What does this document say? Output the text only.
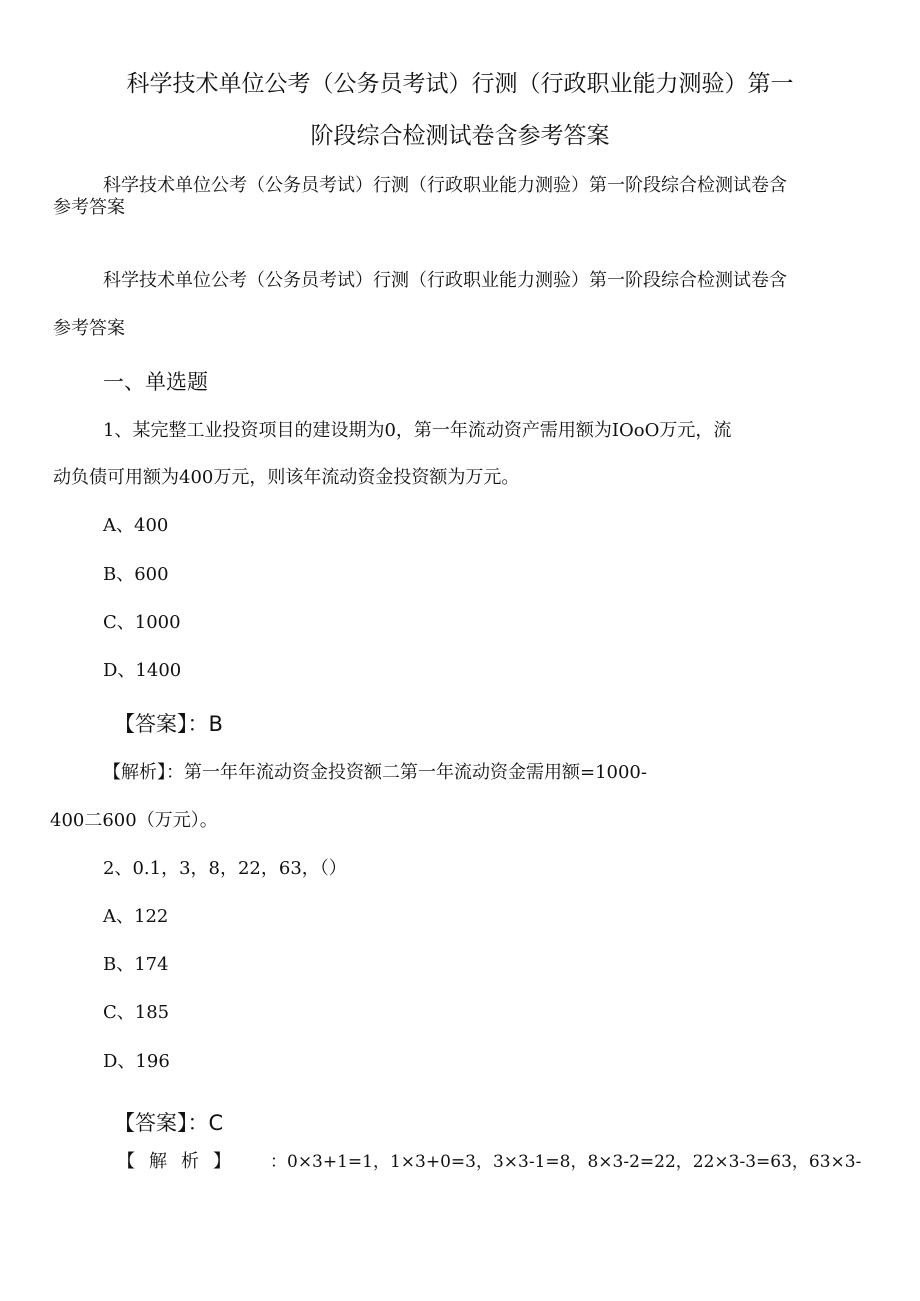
科学技术单位公考（公务员考试）行测（行政职业能力测验）第一
阶段综合检测试卷含参考答案
科学技术单位公考（公务员考试）行测（行政职业能力测验）第一阶段综合检测试卷含
参考答案
科学技术单位公考（公务员考试）行测（行政职业能力测验）第一阶段综合检测试卷含
参考答案
一、单选题
1、某完整工业投资项目的建设期为0，第一年流动资产需用额为IOoO万元，流
动负债可用额为400万元，则该年流动资金投资额为万元。
A、400
B、600
C、1000
D、1400
【答案】：B
【解析】：第一年年流动资金投资额二第一年流动资金需用额=1000-
400二600（万元）。
2、0.1，3，8，22，63，（）
A、122
B、174
C、185
D、196
【答案】：C
【解析】 ：0×3+1=1，1×3+0=3，3×3-1=8，8×3-2=22，22×3-3=63，63×3-
